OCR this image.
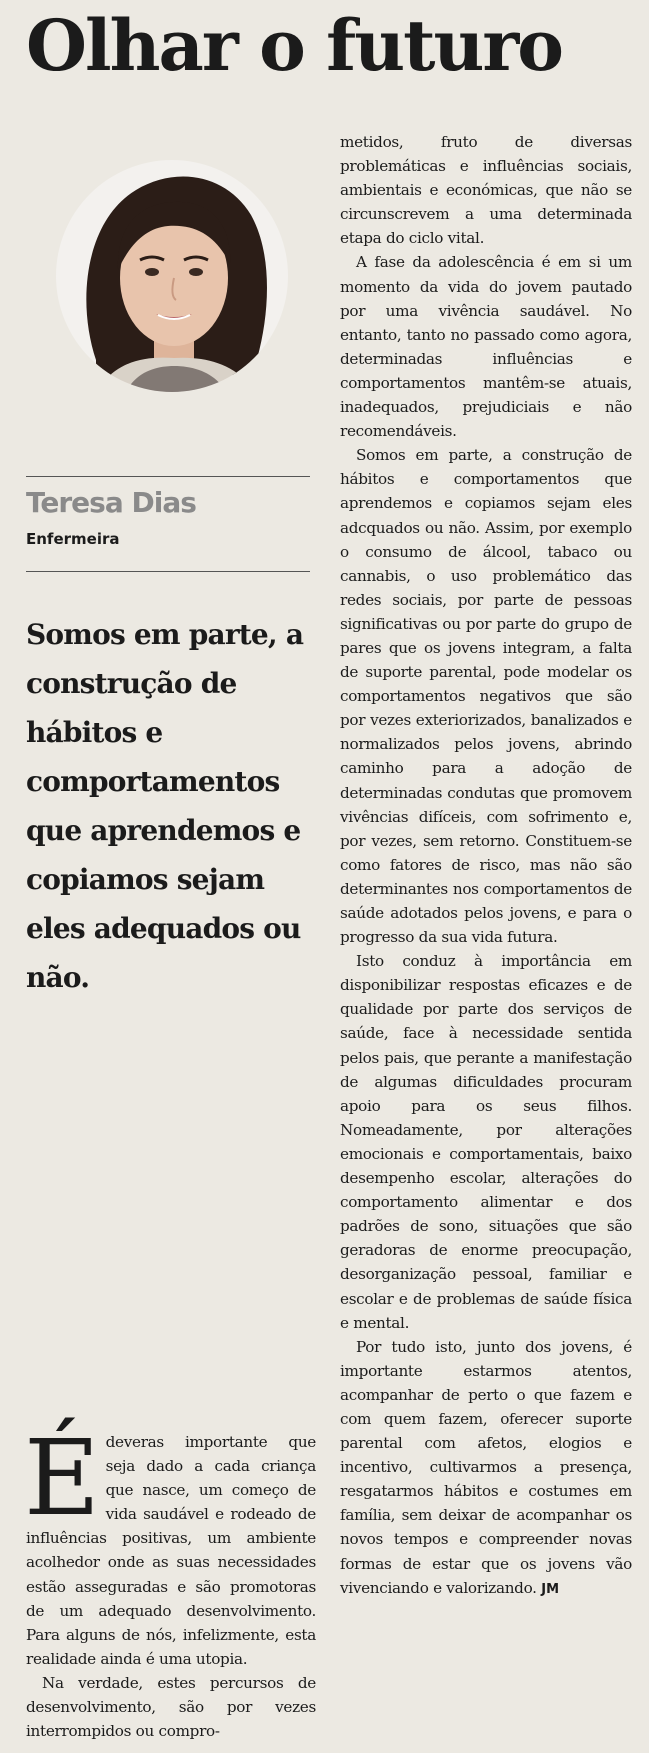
Olhar o futuro
Teresa Dias
Enfermeira

Somos em parte, a construção de hábitos e comportamentos que aprendemos e copiamos sejam eles adequados ou não.

Édeveras importante que seja dado a cada criança que nasce, um começo de vida saudável e rodeado de influências positivas, um ambiente acolhedor onde as suas necessidades estão asseguradas e são promotoras de um adequado desenvolvimento. Para alguns de nós, infelizmente, esta realidade ainda é uma utopia.

Na verdade, estes percursos de desenvolvimento, são por vezes interrompidos ou compro-

metidos, fruto de diversas problemáticas e influências sociais, ambientais e económicas, que não se circunscrevem a uma determinada etapa do ciclo vital.

A fase da adolescência é em si um momento da vida do jovem pautado por uma vivência saudável. No entanto, tanto no passado como agora, determinadas influências e comportamentos mantêm-se atuais, inadequados, prejudiciais e não recomendáveis.

Somos em parte, a construção de hábitos e comportamentos que aprendemos e copiamos sejam eles adcquados ou não. Assim, por exemplo o consumo de álcool, tabaco ou cannabis, o uso problemático das redes sociais, por parte de pessoas significativas ou por parte do grupo de pares que os jovens integram, a falta de suporte parental, pode modelar os comportamentos negativos que são por vezes exteriorizados, banalizados e normalizados pelos jovens, abrindo caminho para a adoção de determinadas condutas que promovem vivências difíceis, com sofrimento e, por vezes, sem retorno. Constituem-se como fatores de risco, mas não são determinantes nos comportamentos de saúde adotados pelos jovens, e para o progresso da sua vida futura.

Isto conduz à importância em disponibilizar respostas eficazes e de qualidade por parte dos serviços de saúde, face à necessidade sentida pelos pais, que perante a manifestação de algumas dificuldades procuram apoio para os seus filhos. Nomeadamente, por alterações emocionais e comportamentais, baixo desempenho escolar, alterações do comportamento alimentar e dos padrões de sono, situações que são geradoras de enorme preocupação, desorganização pessoal, familiar e escolar e de problemas de saúde física e mental.

Por tudo isto, junto dos jovens, é importante estarmos atentos, acompanhar de perto o que fazem e com quem fazem, oferecer suporte parental com afetos, elogios e incentivo, cultivarmos a presença, resgatarmos hábitos e costumes em família, sem deixar de acompanhar os novos tempos e compreender novas formas de estar que os jovens vão vivenciando e valorizando. JM
